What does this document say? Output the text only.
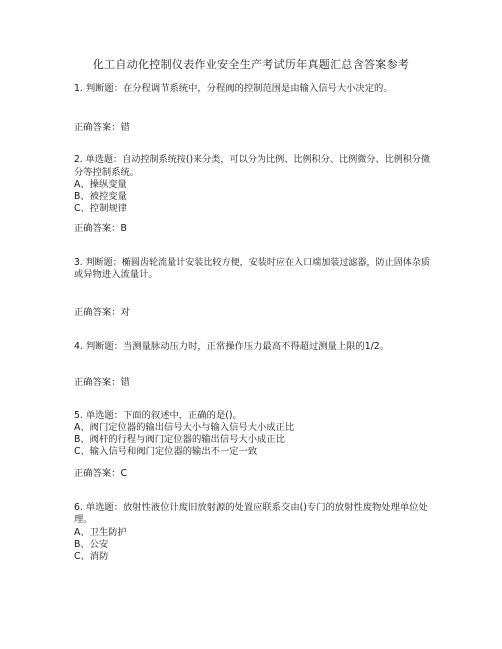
化工自动化控制仪表作业安全生产考试历年真题汇总含答案参考
1. 判断题：在分程调节系统中，分程阀的控制范围是由输入信号大小决定的。
正确答案：错
2. 单选题：自动控制系统按()来分类，可以分为比例、比例积分、比例微分、比例积分微
分等控制系统。
A、操纵变量
B、被控变量
C、控制规律
正确答案：B
3. 判断题：椭圆齿轮流量计安装比较方便，安装时应在入口端加装过滤器，防止固体杂质
或异物进入流量计。
正确答案：对
4. 判断题：当测量脉动压力时，正常操作压力最高不得超过测量上限的1/2。
正确答案：错
5. 单选题：下面的叙述中，正确的是()。
A、阀门定位器的输出信号大小与输入信号大小成正比
B、阀杆的行程与阀门定位器的输出信号大小成正比
C、输入信号和阀门定位器的输出不一定一致
正确答案：C
6. 单选题：放射性液位计废旧放射源的处置应联系交由()专门的放射性废物处理单位处
理。
A、卫生防护
B、公安
C、消防
